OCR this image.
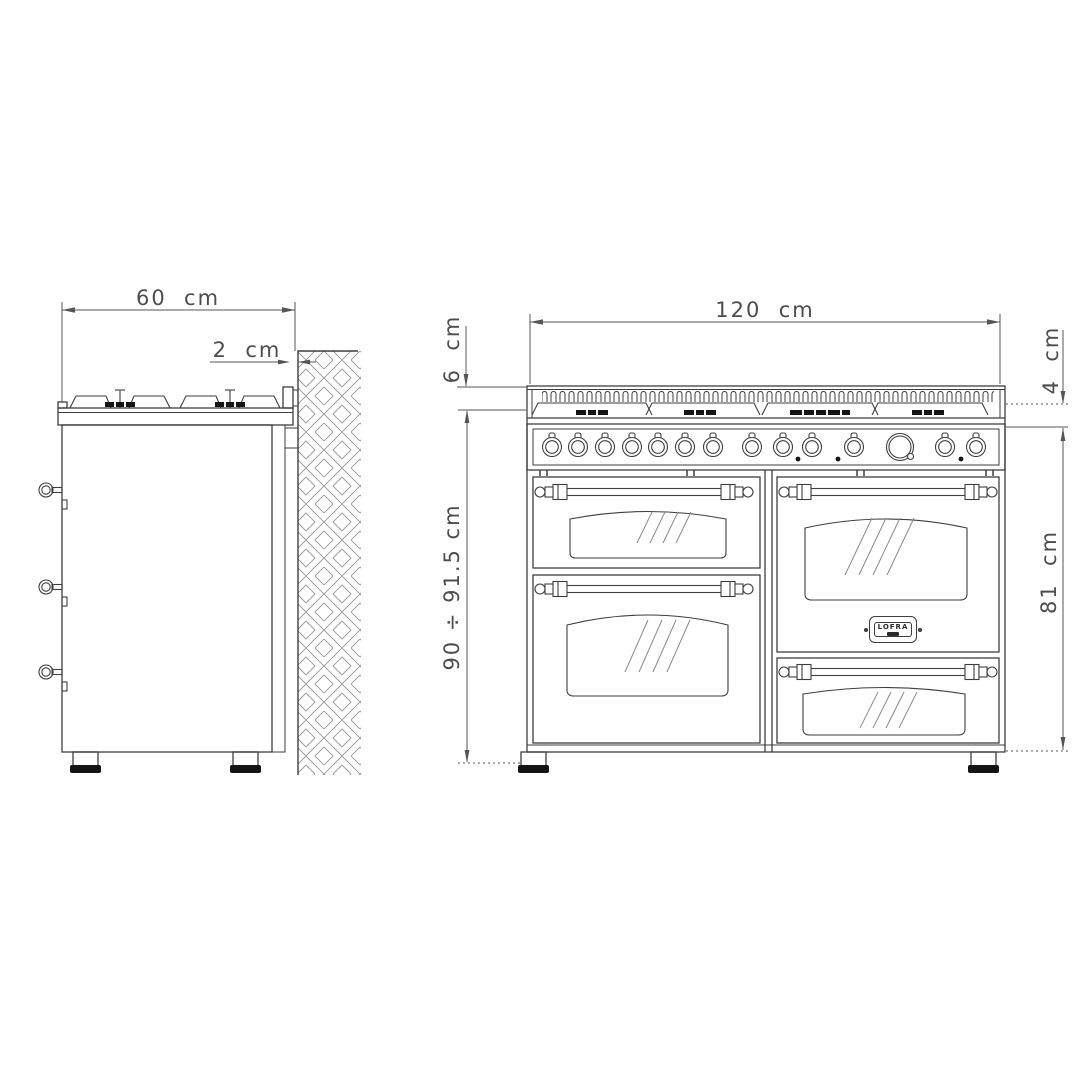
60  cm
2  cm
120  cm
6  cm
90 ÷ 91.5 cm
4  cm
81  cm
LOFRA
